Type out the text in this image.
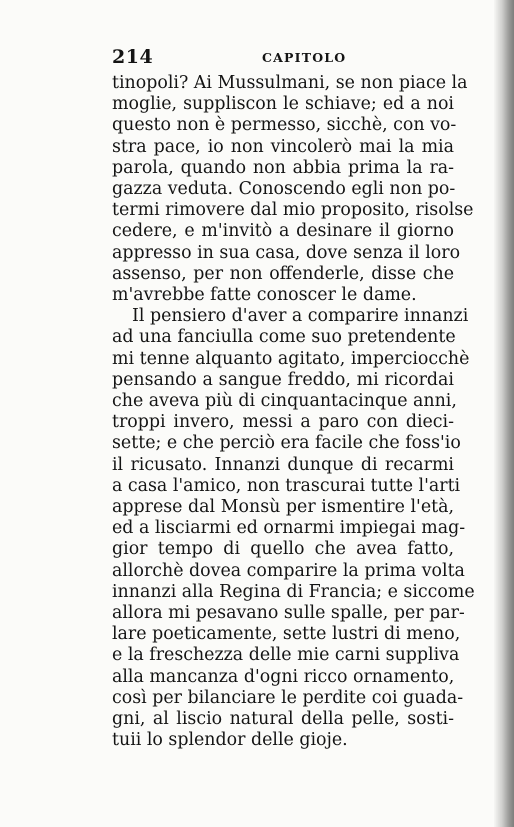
214	CAPITOLO
tinopoli? Ai Mussulmani, se non piace la
moglie, suppliscon le schiave; ed a noi
questo non è permesso, sicchè, con vo-
stra pace, io non vincolerò mai la mia
parola, quando non abbia prima la ra-
gazza veduta. Conoscendo egli non po-
termi rimovere dal mio proposito, risolse
cedere, e m'invitò a desinare il giorno
appresso in sua casa, dove senza il loro
assenso, per non offenderle, disse che
m'avrebbe fatte conoscer le dame.
Il pensiero d'aver a comparire innanzi
ad una fanciulla come suo pretendente
mi tenne alquanto agitato, imperciocchè
pensando a sangue freddo, mi ricordai
che aveva più di cinquantacinque anni,
troppi invero, messi a paro con dieci-
sette; e che perciò era facile che foss'io
il ricusato. Innanzi dunque di recarmi
a casa l'amico, non trascurai tutte l'arti
apprese dal Monsù per ismentire l'età,
ed a lisciarmi ed ornarmi impiegai mag-
gior tempo di quello che avea fatto,
allorchè dovea comparire la prima volta
innanzi alla Regina di Francia; e siccome
allora mi pesavano sulle spalle, per par-
lare poeticamente, sette lustri di meno,
e la freschezza delle mie carni suppliva
alla mancanza d'ogni ricco ornamento,
così per bilanciare le perdite coi guada-
gni, al liscio natural della pelle, sosti-
tuii lo splendor delle gioje.
